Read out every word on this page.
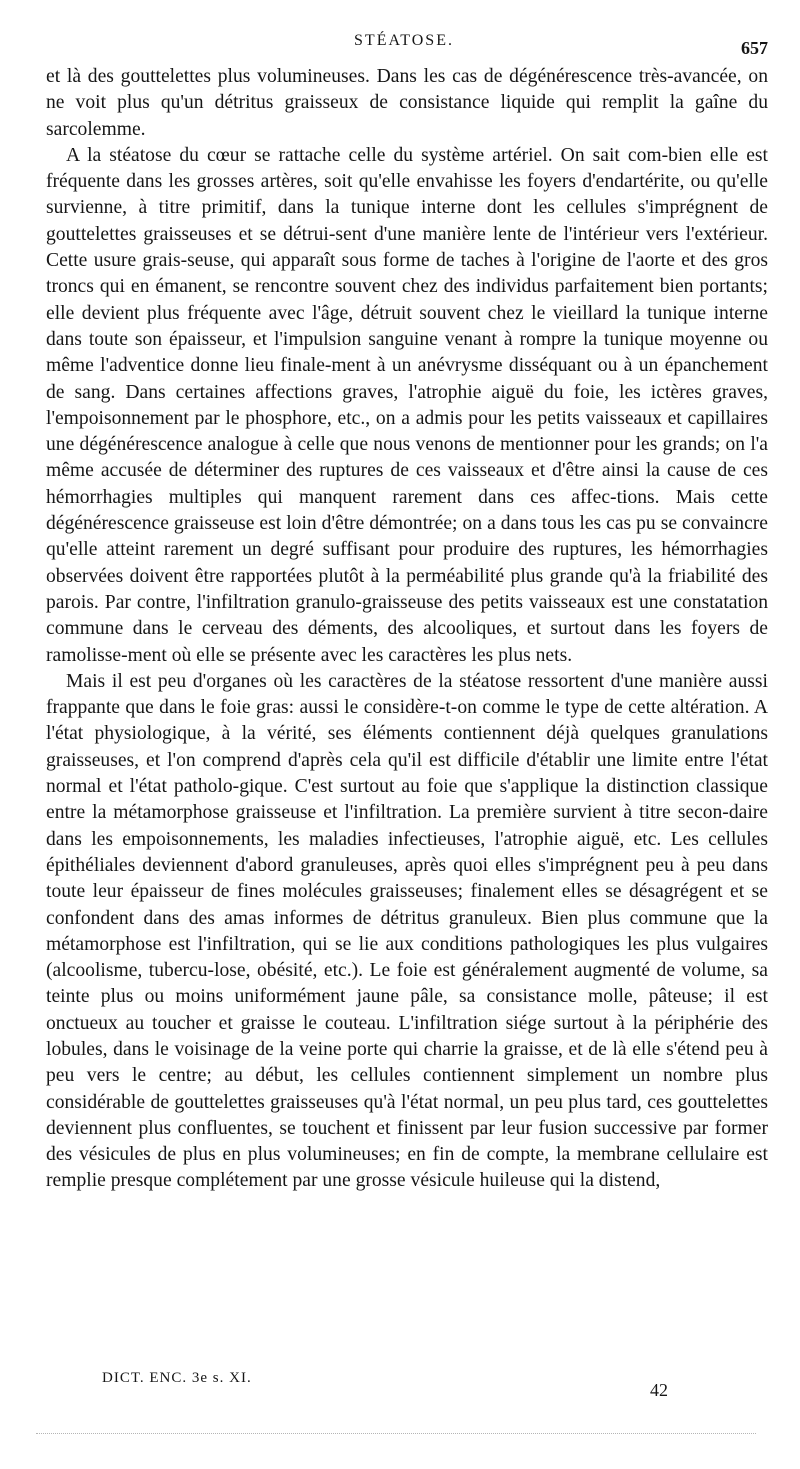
STÉATOSE.	657

et là des gouttelettes plus volumineuses. Dans les cas de dégénérescence très-avancée, on ne voit plus qu'un détritus graisseux de consistance liquide qui remplit la gaîne du sarcolemme.

A la stéatose du cœur se rattache celle du système artériel. On sait com-bien elle est fréquente dans les grosses artères, soit qu'elle envahisse les foyers d'endartérite, ou qu'elle survienne, à titre primitif, dans la tunique interne dont les cellules s'imprégnent de gouttelettes graisseuses et se détrui-sent d'une manière lente de l'intérieur vers l'extérieur. Cette usure grais-seuse, qui apparaît sous forme de taches à l'origine de l'aorte et des gros troncs qui en émanent, se rencontre souvent chez des individus parfaitement bien portants; elle devient plus fréquente avec l'âge, détruit souvent chez le vieillard la tunique interne dans toute son épaisseur, et l'impulsion sanguine venant à rompre la tunique moyenne ou même l'adventice donne lieu finale-ment à un anévrysme disséquant ou à un épanchement de sang. Dans certaines affections graves, l'atrophie aiguë du foie, les ictères graves, l'empoisonnement par le phosphore, etc., on a admis pour les petits vaisseaux et capillaires une dégénérescence analogue à celle que nous venons de mentionner pour les grands; on l'a même accusée de déterminer des ruptures de ces vaisseaux et d'être ainsi la cause de ces hémorrhagies multiples qui manquent rarement dans ces affec-tions. Mais cette dégénérescence graisseuse est loin d'être démontrée; on a dans tous les cas pu se convaincre qu'elle atteint rarement un degré suffisant pour produire des ruptures, les hémorrhagies observées doivent être rapportées plutôt à la perméabilité plus grande qu'à la friabilité des parois. Par contre, l'infiltration granulo-graisseuse des petits vaisseaux est une constatation commune dans le cerveau des déments, des alcooliques, et surtout dans les foyers de ramolisse-ment où elle se présente avec les caractères les plus nets.

Mais il est peu d'organes où les caractères de la stéatose ressortent d'une manière aussi frappante que dans le foie gras: aussi le considère-t-on comme le type de cette altération. A l'état physiologique, à la vérité, ses éléments contiennent déjà quelques granulations graisseuses, et l'on comprend d'après cela qu'il est difficile d'établir une limite entre l'état normal et l'état patholo-gique. C'est surtout au foie que s'applique la distinction classique entre la métamorphose graisseuse et l'infiltration. La première survient à titre secon-daire dans les empoisonnements, les maladies infectieuses, l'atrophie aiguë, etc. Les cellules épithéliales deviennent d'abord granuleuses, après quoi elles s'imprégnent peu à peu dans toute leur épaisseur de fines molécules graisseuses; finalement elles se désagrégent et se confondent dans des amas informes de détritus granuleux. Bien plus commune que la métamorphose est l'infiltration, qui se lie aux conditions pathologiques les plus vulgaires (alcoolisme, tubercu-lose, obésité, etc.). Le foie est généralement augmenté de volume, sa teinte plus ou moins uniformément jaune pâle, sa consistance molle, pâteuse; il est onctueux au toucher et graisse le couteau. L'infiltration siége surtout à la périphérie des lobules, dans le voisinage de la veine porte qui charrie la graisse, et de là elle s'étend peu à peu vers le centre; au début, les cellules contiennent simplement un nombre plus considérable de gouttelettes graisseuses qu'à l'état normal, un peu plus tard, ces gouttelettes deviennent plus confluentes, se touchent et finissent par leur fusion successive par former des vésicules de plus en plus volumineuses; en fin de compte, la membrane cellulaire est remplie presque complétement par une grosse vésicule huileuse qui la distend,

DICT. ENC. 3e s. XI.
42
